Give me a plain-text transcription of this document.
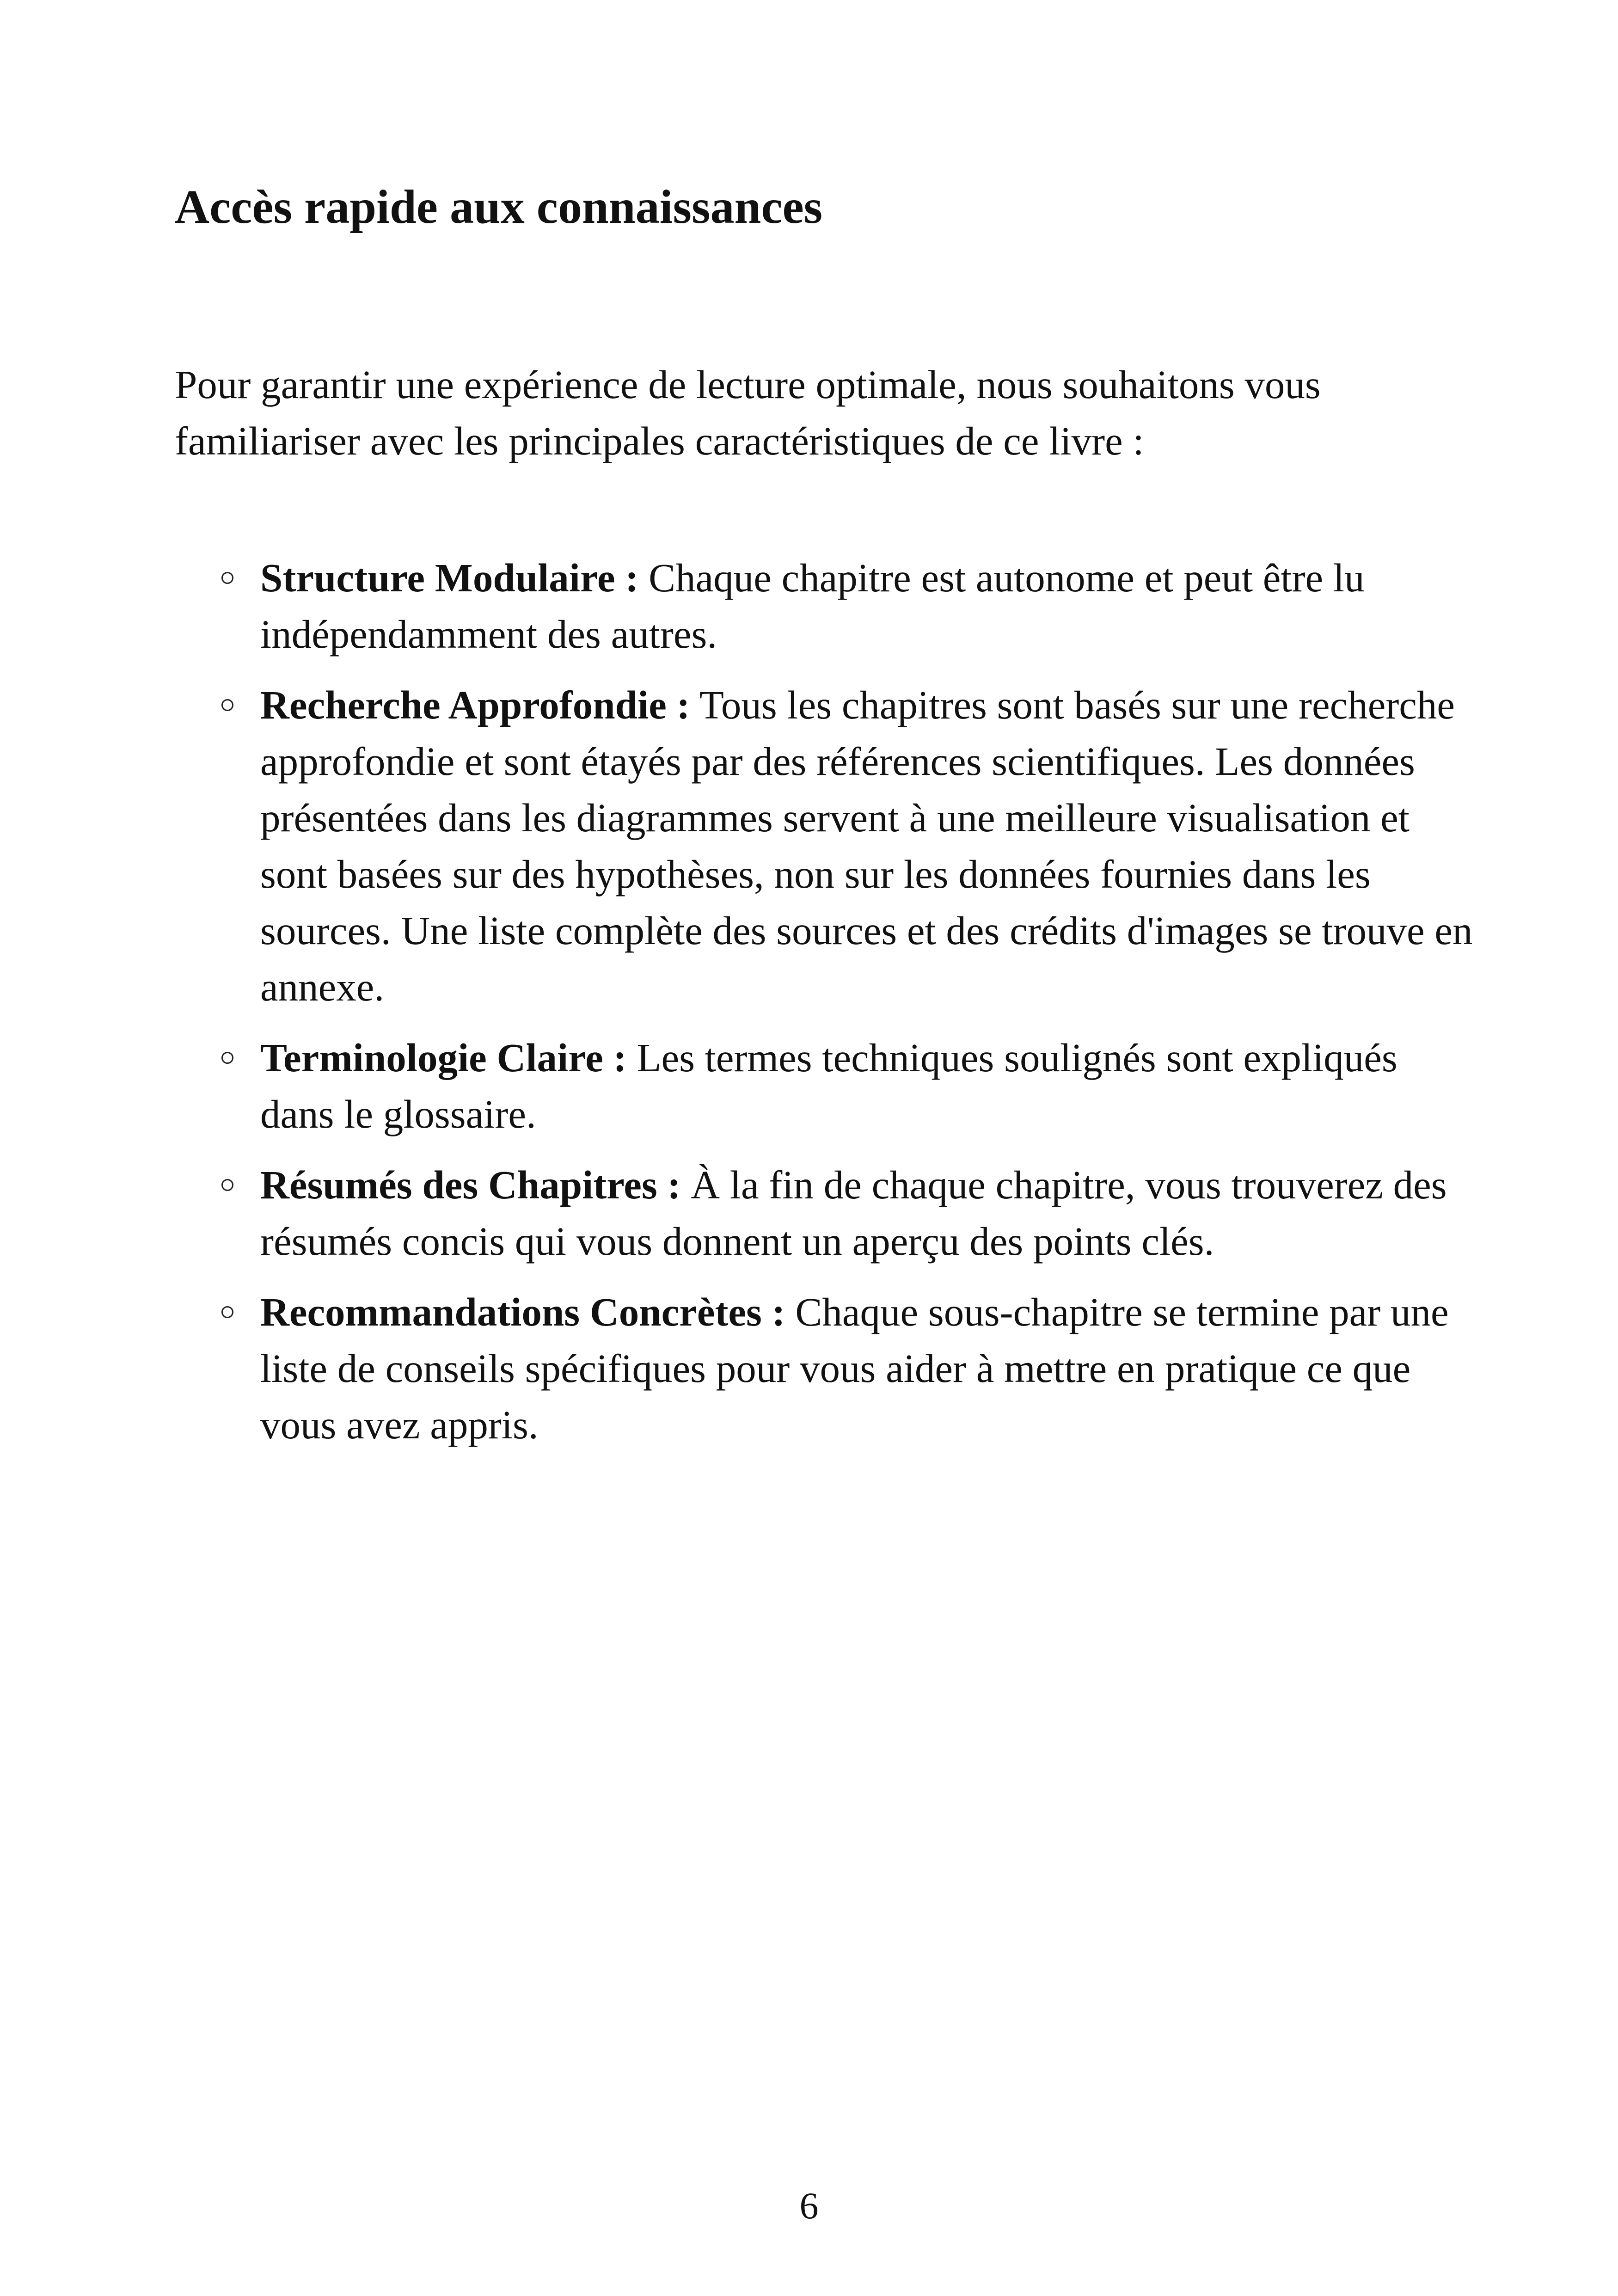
Accès rapide aux connaissances

Pour garantir une expérience de lecture optimale, nous souhaitons vous familiariser avec les principales caractéristiques de ce livre :

Structure Modulaire : Chaque chapitre est autonome et peut être lu indépendamment des autres.
Recherche Approfondie : Tous les chapitres sont basés sur une recherche approfondie et sont étayés par des références scientifiques. Les données présentées dans les diagrammes servent à une meilleure visualisation et sont basées sur des hypothèses, non sur les données fournies dans les sources. Une liste complète des sources et des crédits d'images se trouve en annexe.
Terminologie Claire : Les termes techniques soulignés sont expliqués dans le glossaire.
Résumés des Chapitres : À la fin de chaque chapitre, vous trouverez des résumés concis qui vous donnent un aperçu des points clés.
Recommandations Concrètes : Chaque sous-chapitre se termine par une liste de conseils spécifiques pour vous aider à mettre en pratique ce que vous avez appris.
6
